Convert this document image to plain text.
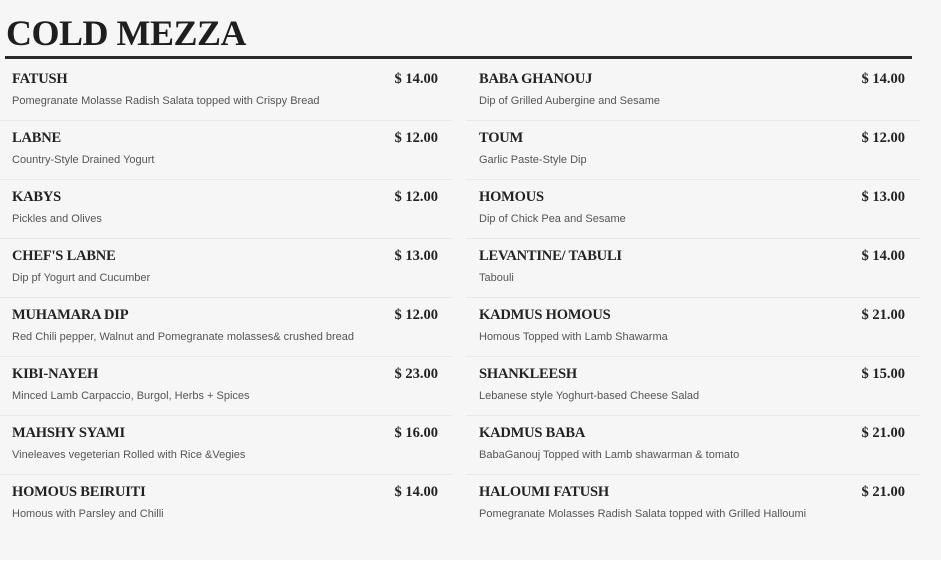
COLD MEZZA
FATUSH	$ 14.00
Pomegranate Molasse Radish Salata topped with Crispy Bread
LABNE	$ 12.00
Country-Style Drained Yogurt
KABYS	$ 12.00
Pickles and Olives
CHEF'S LABNE	$ 13.00
Dip pf Yogurt and Cucumber
MUHAMARA DIP	$ 12.00
Red Chili pepper, Walnut and Pomegranate molasses& crushed bread
KIBI-NAYEH	$ 23.00
Minced Lamb Carpaccio, Burgol, Herbs + Spices
MAHSHY SYAMI	$ 16.00
Vineleaves vegeterian Rolled with Rice &Vegies
HOMOUS BEIRUITI	$ 14.00
Homous with Parsley and Chilli
BABA GHANOUJ	$ 14.00
Dip of Grilled Aubergine and Sesame
TOUM	$ 12.00
Garlic Paste-Style Dip
HOMOUS	$ 13.00
Dip of Chick Pea and Sesame
LEVANTINE/ TABULI	$ 14.00
Tabouli
KADMUS HOMOUS	$ 21.00
Homous Topped with Lamb Shawarma
SHANKLEESH	$ 15.00
Lebanese style Yoghurt-based Cheese Salad
KADMUS BABA	$ 21.00
BabaGanouj Topped with Lamb shawarman & tomato
HALOUMI FATUSH	$ 21.00
Pomegranate Molasses Radish Salata topped with Grilled Halloumi
